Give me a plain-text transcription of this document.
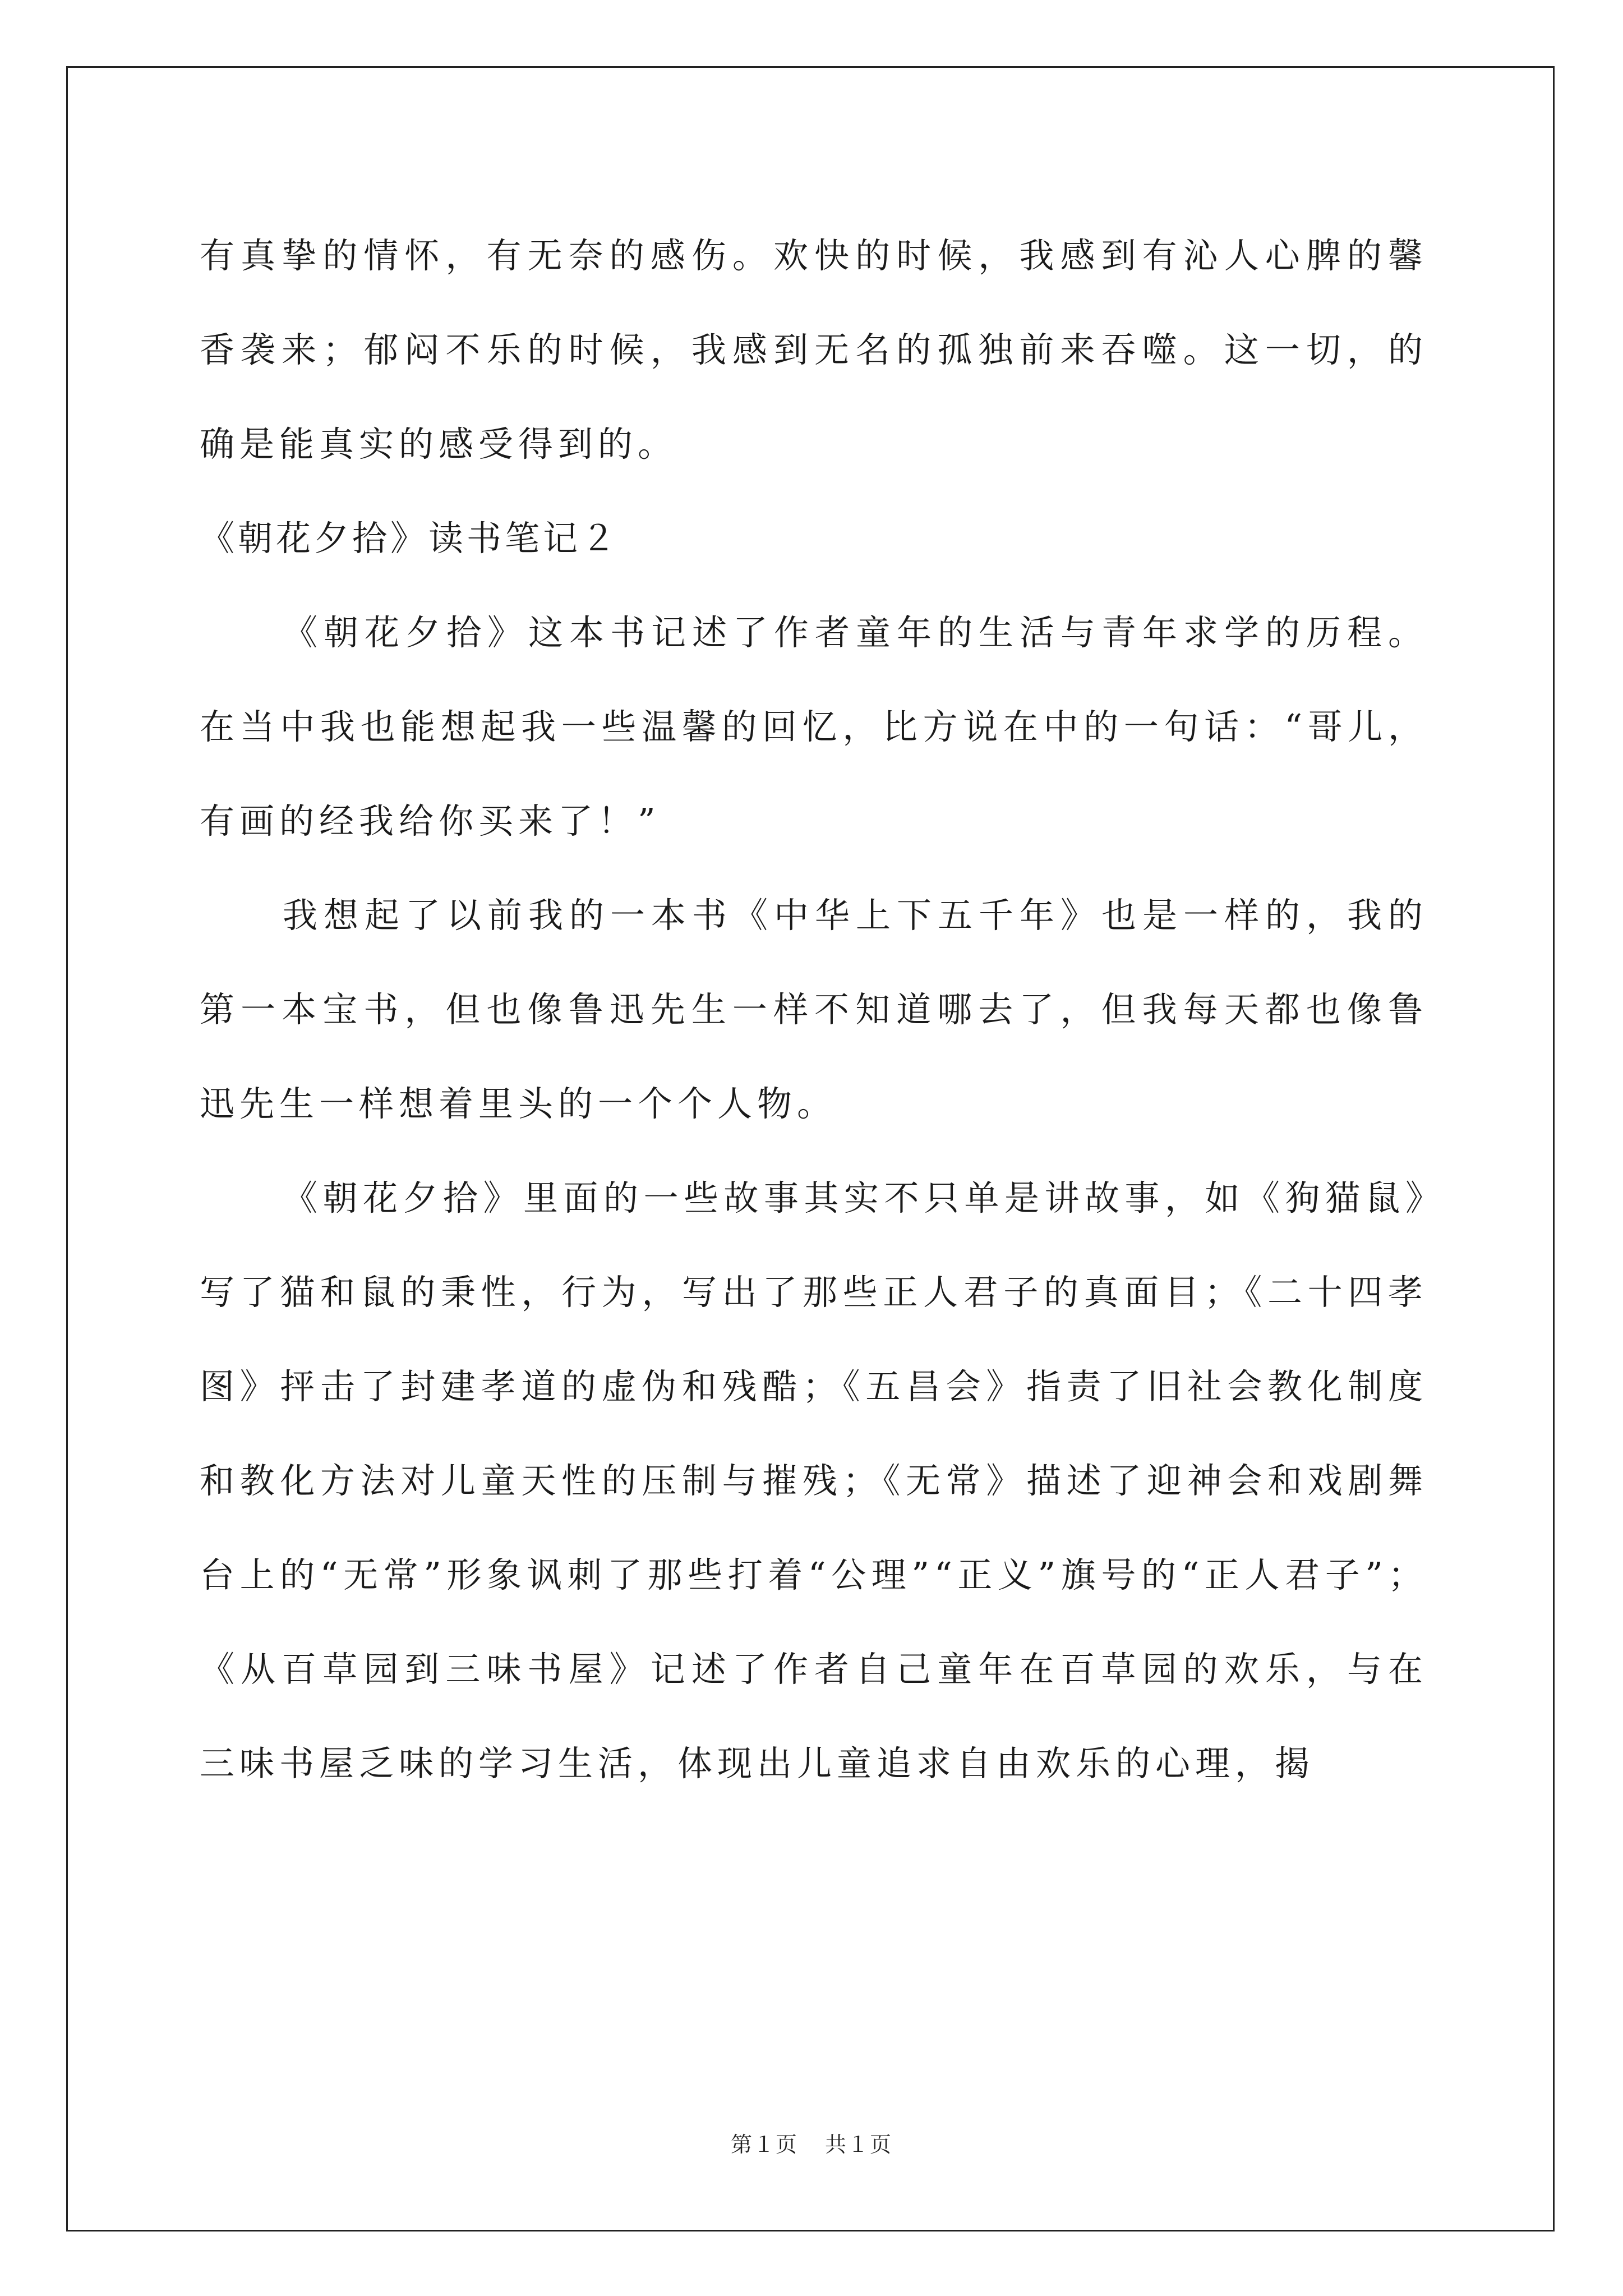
有真挚的情怀，有无奈的感伤。欢快的时候，我感到有沁人心脾的馨香袭来；郁闷不乐的时候，我感到无名的孤独前来吞噬。这一切，的确是能真实的感受得到的。

《朝花夕拾》读书笔记２

《朝花夕拾》这本书记述了作者童年的生活与青年求学的历程。在当中我也能想起我一些温馨的回忆，比方说在中的一句话：“哥儿，有画的经我给你买来了！”

我想起了以前我的一本书《中华上下五千年》也是一样的，我的第一本宝书，但也像鲁迅先生一样不知道哪去了，但我每天都也像鲁迅先生一样想着里头的一个个人物。

《朝花夕拾》里面的一些故事其实不只单是讲故事，如《狗猫鼠》写了猫和鼠的秉性，行为，写出了那些正人君子的真面目；《二十四孝图》抨击了封建孝道的虚伪和残酷；《五昌会》指责了旧社会教化制度和教化方法对儿童天性的压制与摧残；《无常》描述了迎神会和戏剧舞台上的“无常”形象讽刺了那些打着“公理”“正义”旗号的“正人君子”；《从百草园到三味书屋》记述了作者自己童年在百草园的欢乐，与在三味书屋乏味的学习生活，体现出儿童追求自由欢乐的心理，揭

第１页 共１页
